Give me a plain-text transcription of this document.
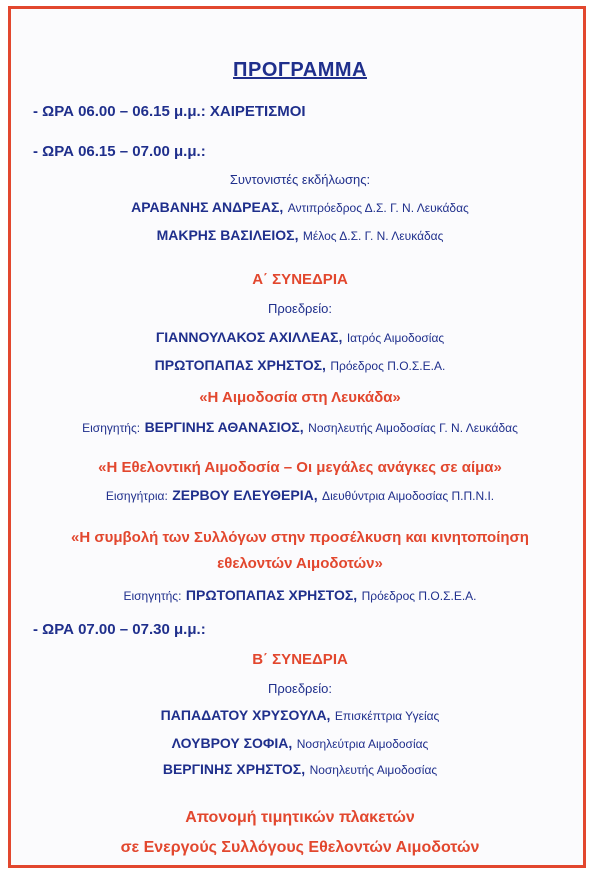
ΠΡΟΓΡΑΜΜΑ
- ΩΡΑ 06.00 – 06.15 μ.μ.: ΧΑΙΡΕΤΙΣΜΟΙ
- ΩΡΑ 06.15 – 07.00 μ.μ.:
Συντονιστές εκδήλωσης:
ΑΡΑΒΑΝΗΣ ΑΝΔΡΕΑΣ, Αντιπρόεδρος Δ.Σ. Γ. Ν. Λευκάδας
ΜΑΚΡΗΣ ΒΑΣΙΛΕΙΟΣ, Μέλος Δ.Σ. Γ. Ν. Λευκάδας
Α΄ ΣΥΝΕΔΡΙΑ
Προεδρείο:
ΓΙΑΝΝΟΥΛΑΚΟΣ ΑΧΙΛΛΕΑΣ, Ιατρός Αιμοδοσίας
ΠΡΩΤΟΠΑΠΑΣ ΧΡΗΣΤΟΣ, Πρόεδρος Π.Ο.Σ.Ε.Α.
«Η Αιμοδοσία στη Λευκάδα»
Εισηγητής: ΒΕΡΓΙΝΗΣ ΑΘΑΝΑΣΙΟΣ, Νοσηλευτής Αιμοδοσίας Γ. Ν. Λευκάδας
«Η Εθελοντική Αιμοδοσία – Οι μεγάλες ανάγκες σε αίμα»
Εισηγήτρια: ΖΕΡΒΟΥ ΕΛΕΥΘΕΡΙΑ, Διευθύντρια Αιμοδοσίας Π.Π.Ν.Ι.
«Η συμβολή των Συλλόγων στην προσέλκυση και κινητοποίηση
εθελοντών Αιμοδοτών»
Εισηγητής: ΠΡΩΤΟΠΑΠΑΣ ΧΡΗΣΤΟΣ, Πρόεδρος Π.Ο.Σ.Ε.Α.
- ΩΡΑ 07.00 – 07.30 μ.μ.:
Β΄ ΣΥΝΕΔΡΙΑ
Προεδρείο:
ΠΑΠΑΔΑΤΟΥ ΧΡΥΣΟΥΛΑ, Επισκέπτρια Υγείας
ΛΟΥΒΡΟΥ ΣΟΦΙΑ, Νοσηλεύτρια Αιμοδοσίας
ΒΕΡΓΙΝΗΣ ΧΡΗΣΤΟΣ, Νοσηλευτής Αιμοδοσίας
Απονομή τιμητικών πλακετών
σε Ενεργούς Συλλόγους Εθελοντών Αιμοδοτών
